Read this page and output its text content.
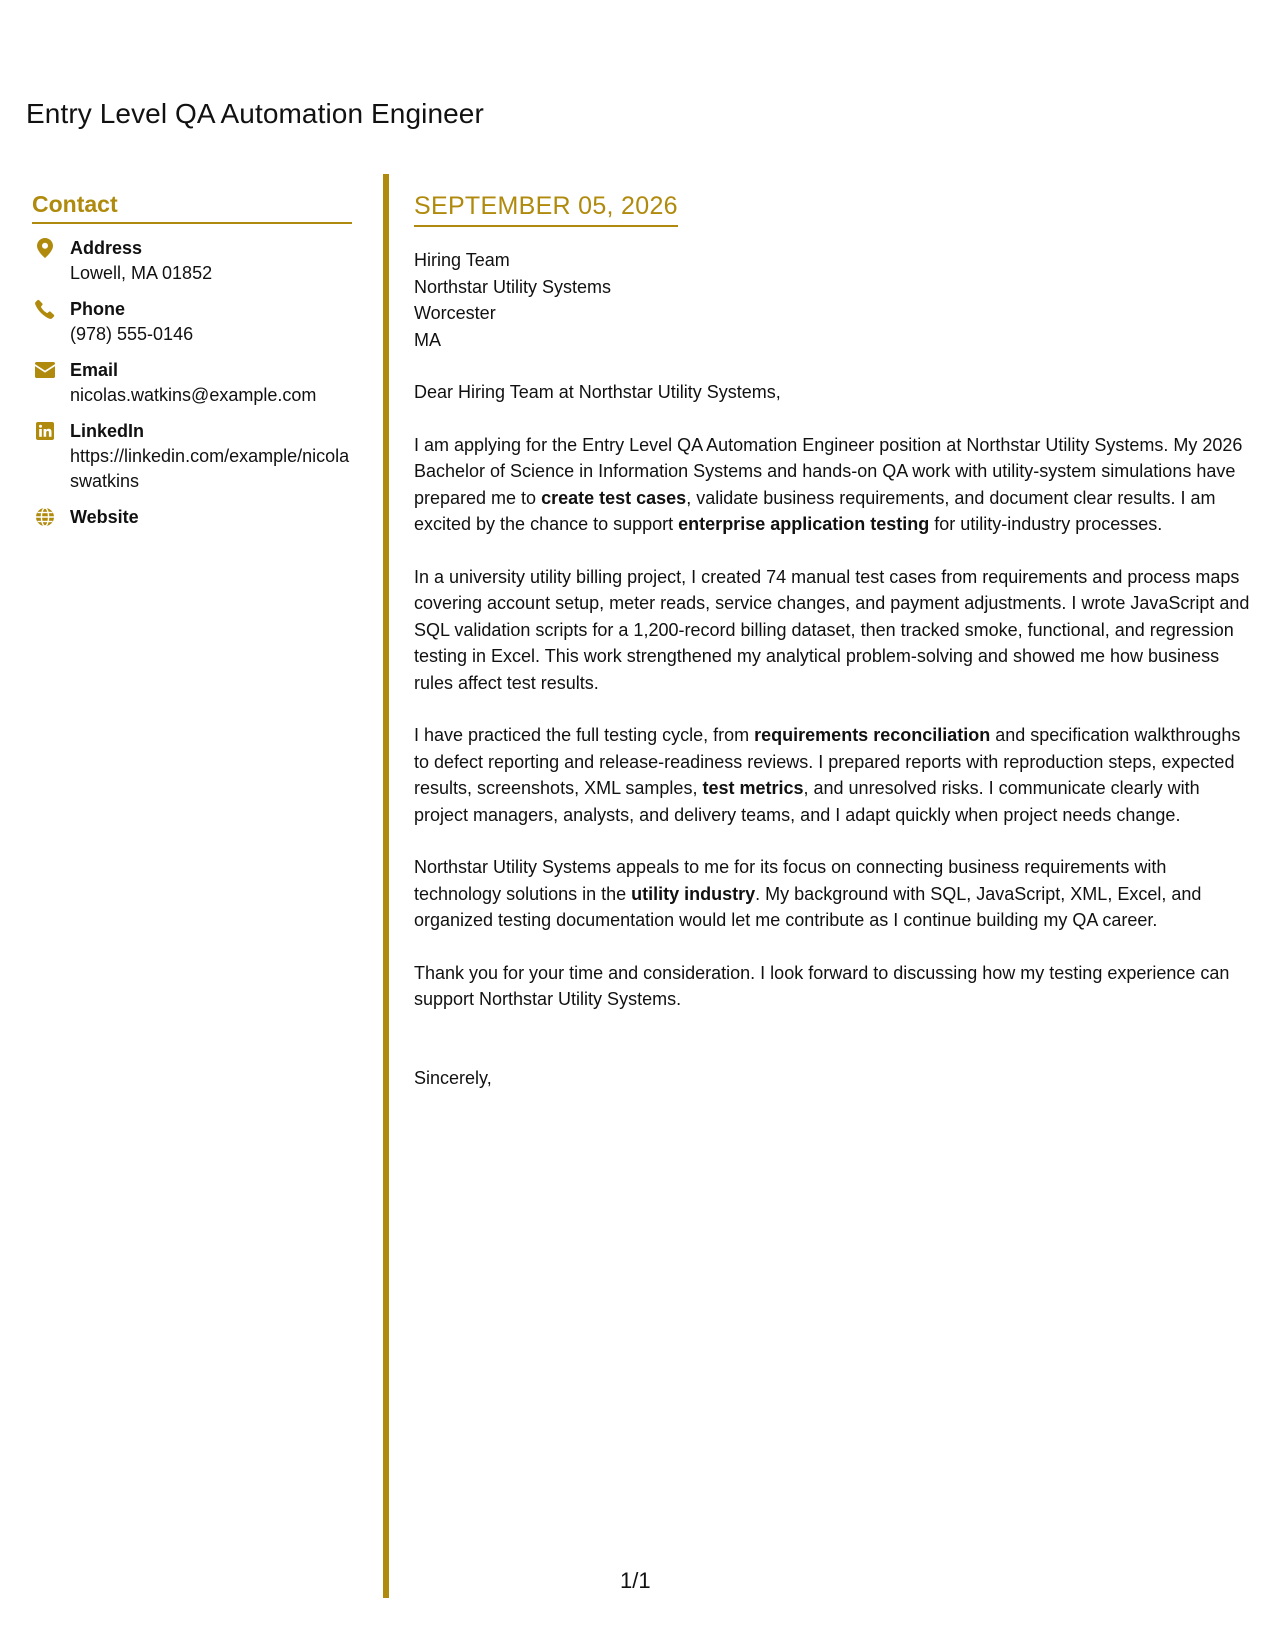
Entry Level QA Automation Engineer
Contact
Address
Lowell, MA 01852
Phone
(978) 555-0146
Email
nicolas.watkins@example.com
LinkedIn
https://linkedin.com/example/nicolaswatkins
Website
SEPTEMBER 05, 2026
Hiring Team
Northstar Utility Systems
Worcester
MA

Dear Hiring Team at Northstar Utility Systems,

I am applying for the Entry Level QA Automation Engineer position at Northstar Utility Systems. My 2026 Bachelor of Science in Information Systems and hands-on QA work with utility-system simulations have prepared me to create test cases, validate business requirements, and document clear results. I am excited by the chance to support enterprise application testing for utility-industry processes.

In a university utility billing project, I created 74 manual test cases from requirements and process maps covering account setup, meter reads, service changes, and payment adjustments. I wrote JavaScript and SQL validation scripts for a 1,200-record billing dataset, then tracked smoke, functional, and regression testing in Excel. This work strengthened my analytical problem-solving and showed me how business rules affect test results.

I have practiced the full testing cycle, from requirements reconciliation and specification walkthroughs to defect reporting and release-readiness reviews. I prepared reports with reproduction steps, expected results, screenshots, XML samples, test metrics, and unresolved risks. I communicate clearly with project managers, analysts, and delivery teams, and I adapt quickly when project needs change.

Northstar Utility Systems appeals to me for its focus on connecting business requirements with technology solutions in the utility industry. My background with SQL, JavaScript, XML, Excel, and organized testing documentation would let me contribute as I continue building my QA career.

Thank you for your time and consideration. I look forward to discussing how my testing experience can support Northstar Utility Systems.

Sincerely,

1/1
